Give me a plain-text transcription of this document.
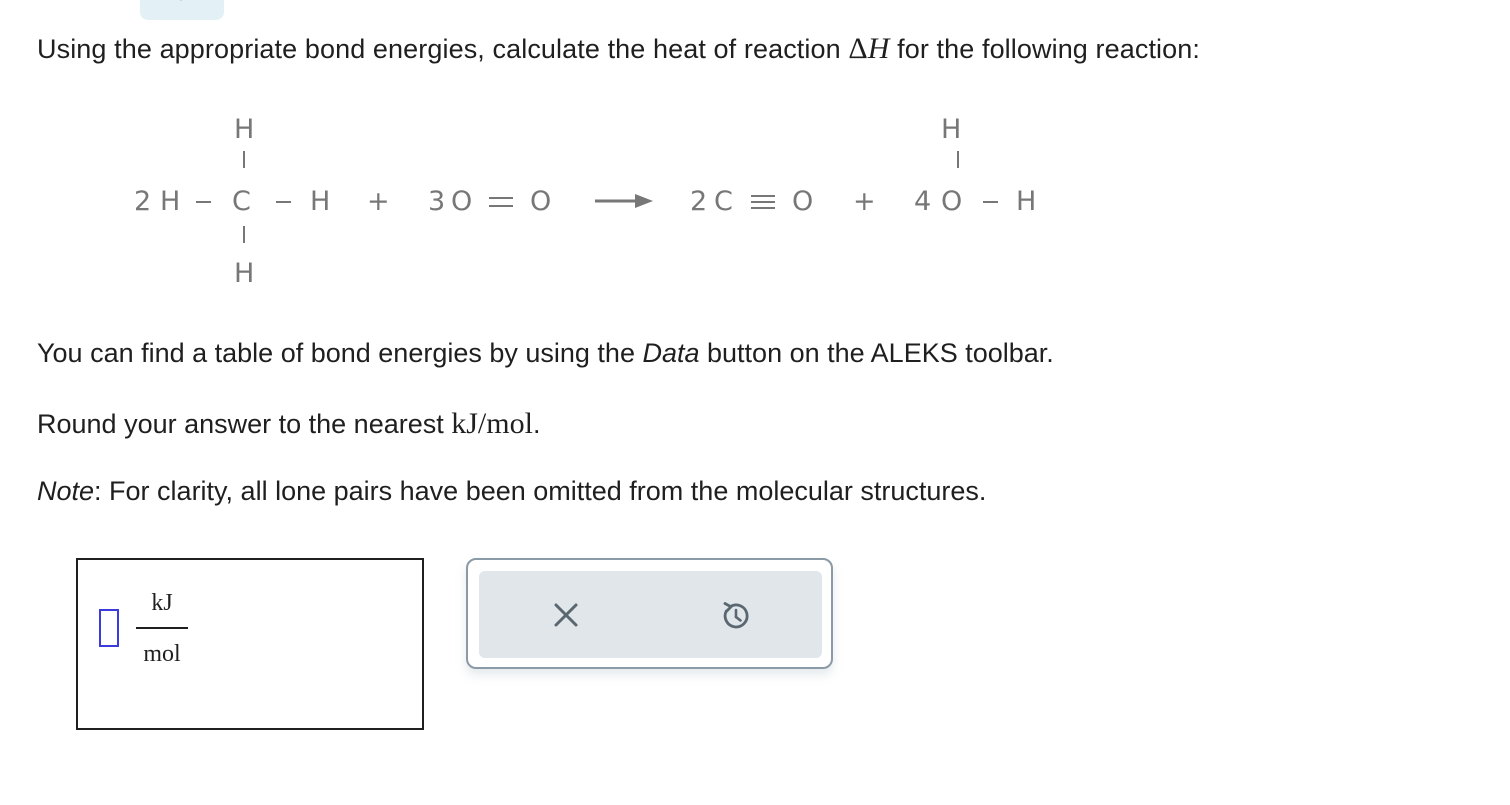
Using the appropriate bond energies, calculate the heat of reaction ΔH for the following reaction:
2 H C H
H
H
+ 3 O O	2 C O + 4 O H
H
You can find a table of bond energies by using the Data button on the ALEKS toolbar.
Round your answer to the nearest kJ/mol.
Note: For clarity, all lone pairs have been omitted from the molecular structures.
kJ
mol
